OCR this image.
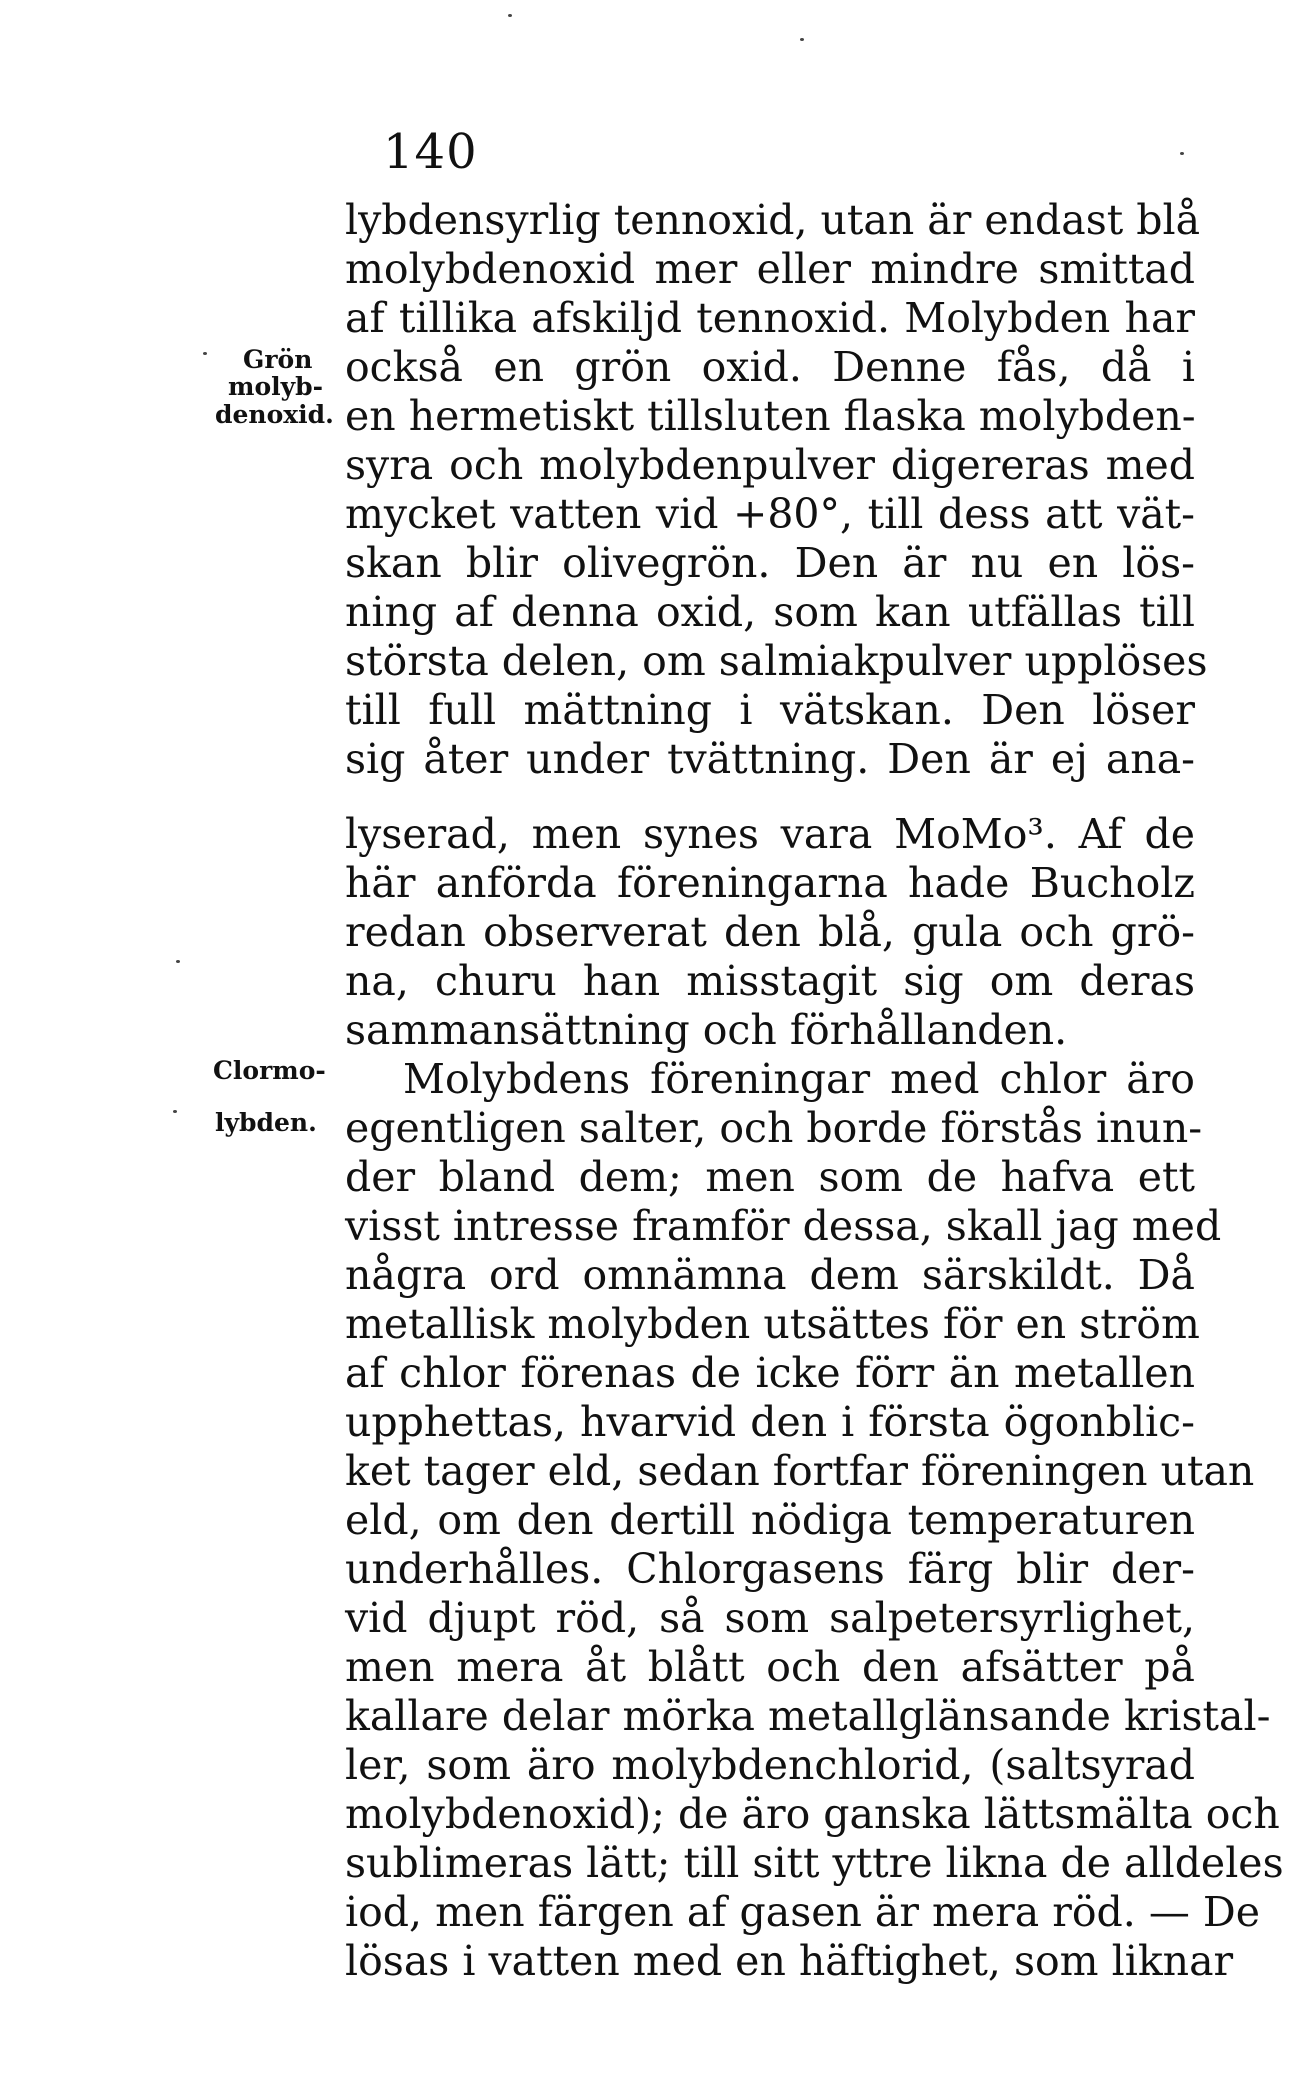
140
Grön
molyb-
denoxid.
Clormo-
lybden.
lybdensyrlig tennoxid, utan är endast blå
molybdenoxid mer eller mindre smittad
af tillika afskiljd tennoxid. Molybden har
också en grön oxid. Denne fås, då i
en hermetiskt tillsluten flaska molybden-
syra och molybdenpulver digereras med
mycket vatten vid +80°, till dess att vät-
skan blir olivegrön. Den är nu en lös-
ning af denna oxid, som kan utfällas till
största delen, om salmiakpulver upplöses
till full mättning i vätskan. Den löser
sig åter under tvättning. Den är ej ana-
lyserad, men synes vara MoMo³. Af de
här anförda föreningarna hade Bucholz
redan observerat den blå, gula och grö-
na, churu han misstagit sig om deras
sammansättning och förhållanden.
Molybdens föreningar med chlor äro
egentligen salter, och borde förstås inun-
der bland dem; men som de hafva ett
visst intresse framför dessa, skall jag med
några ord omnämna dem särskildt. Då
metallisk molybden utsättes för en ström
af chlor förenas de icke förr än metallen
upphettas, hvarvid den i första ögonblic-
ket tager eld, sedan fortfar föreningen utan
eld, om den dertill nödiga temperaturen
underhålles. Chlorgasens färg blir der-
vid djupt röd, så som salpetersyrlighet,
men mera åt blått och den afsätter på
kallare delar mörka metallglänsande kristal-
ler, som äro molybdenchlorid, (saltsyrad
molybdenoxid); de äro ganska lättsmälta och
sublimeras lätt; till sitt yttre likna de alldeles
iod, men färgen af gasen är mera röd. — De
lösas i vatten med en häftighet, som liknar
